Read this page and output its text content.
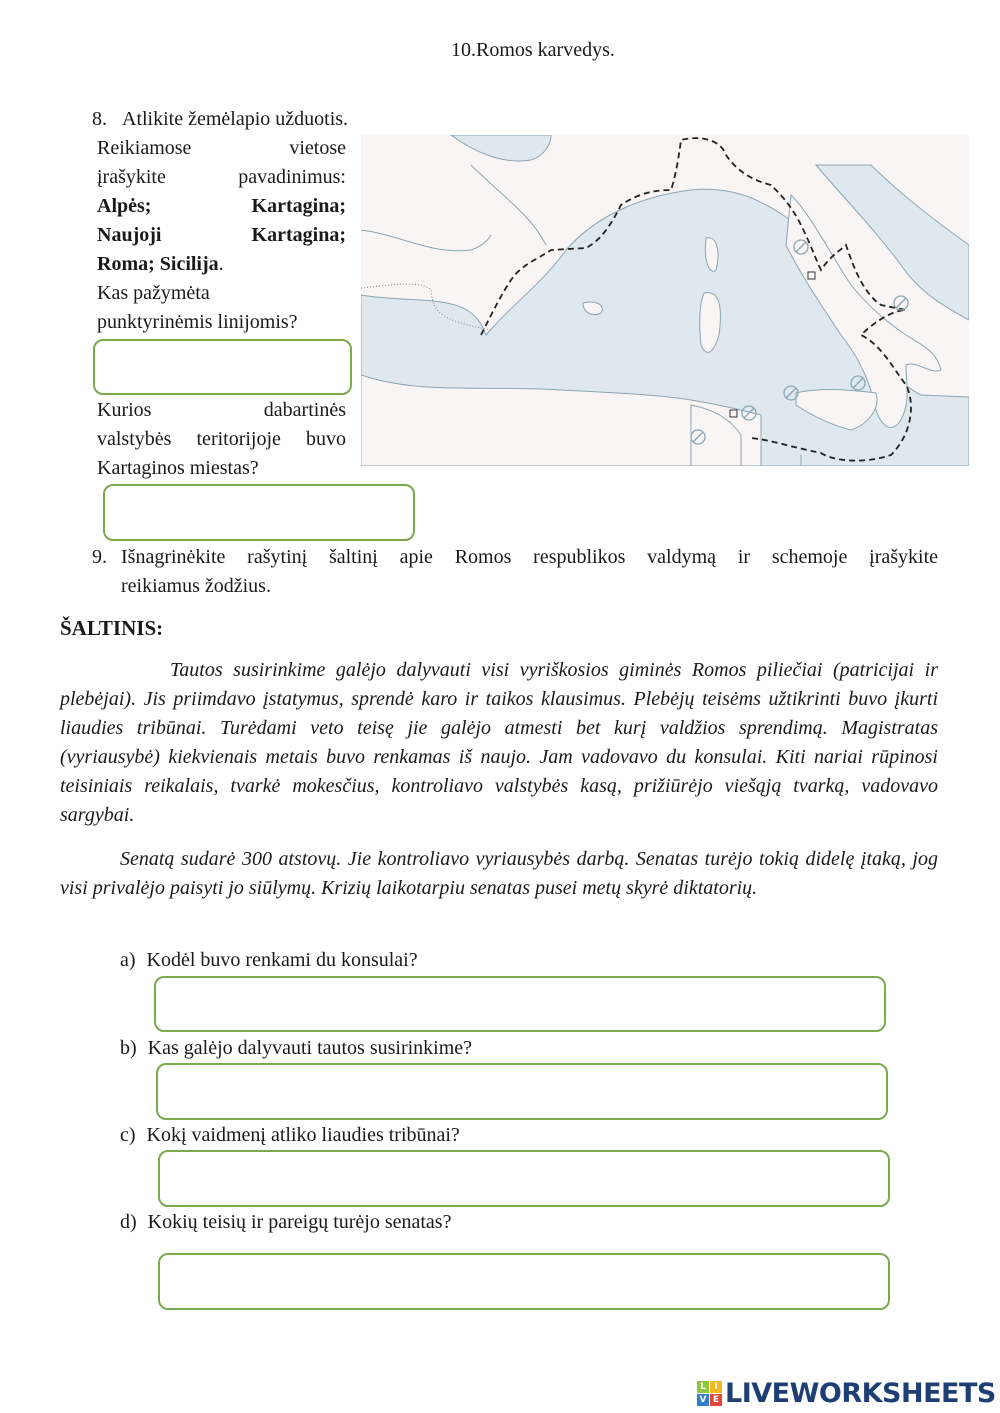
10.Romos karvedys.
8. Atlikite žemėlapio užduotis.
Reikiamose vietose
įrašykite pavadinimus:
Alpės; Kartagina;
Naujoji Kartagina;
Roma; Sicilija.
Kas pažymėta
punktyrinėmis linijomis?
Kurios dabartinės
valstybės teritorijoje buvo
Kartaginos miestas?
9. Išnagrinėkite rašytinį šaltinį apie Romos respublikos valdymą ir schemoje įrašykite
reikiamus žodžius.
ŠALTINIS:
Tautos susirinkime galėjo dalyvauti visi vyriškosios giminės Romos piliečiai (patricijai ir plebėjai). Jis priimdavo įstatymus, sprendė karo ir taikos klausimus. Plebėjų teisėms užtikrinti buvo įkurti liaudies tribūnai. Turėdami veto teisę jie galėjo atmesti bet kurį valdžios sprendimą. Magistratas (vyriausybė) kiekvienais metais buvo renkamas iš naujo. Jam vadovavo du konsulai. Kiti nariai rūpinosi teisiniais reikalais, tvarkė mokesčius, kontroliavo valstybės kasą, prižiūrėjo viešąją tvarką, vadovavo sargybai.
Senatą sudarė 300 atstovų. Jie kontroliavo vyriausybės darbą. Senatas turėjo tokią didelę įtaką, jog visi privalėjo paisyti jo siūlymų. Krizių laikotarpiu senatas pusei metų skyrė diktatorių.
a) Kodėl buvo renkami du konsulai?
b) Kas galėjo dalyvauti tautos susirinkime?
c) Kokį vaidmenį atliko liaudies tribūnai?
d) Kokių teisių ir pareigų turėjo senatas?
L I
V E LIVEWORKSHEETS
